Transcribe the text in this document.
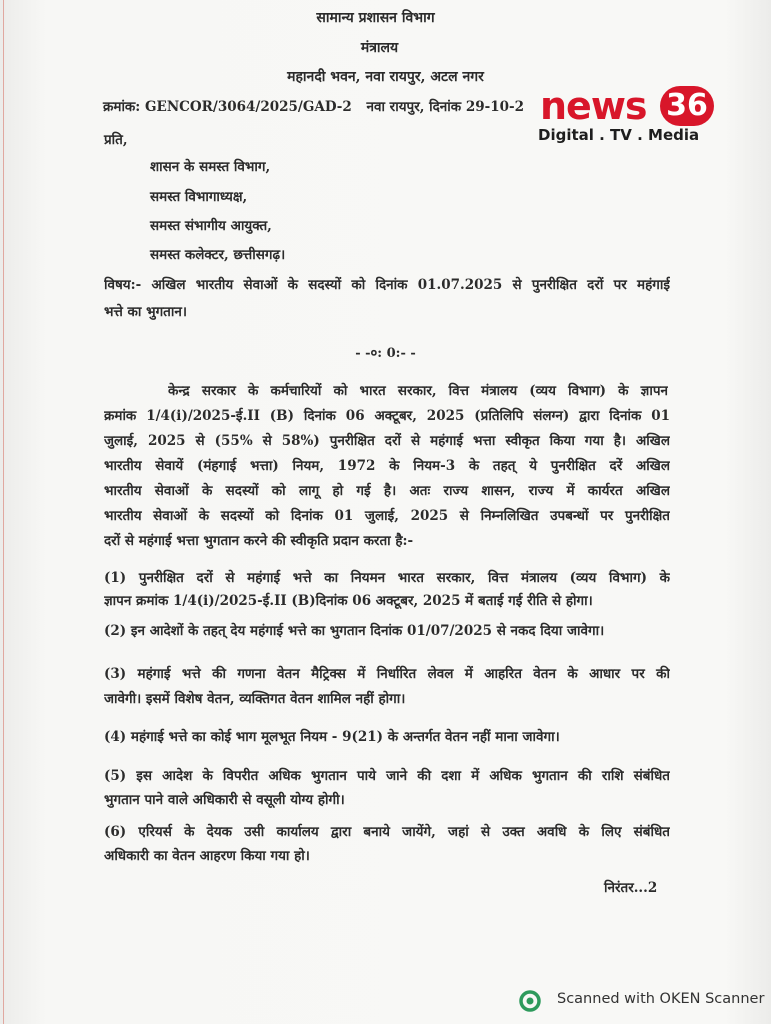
सामान्य प्रशासन विभाग
मंत्रालय
महानदी भवन, नवा रायपुर, अटल नगर
क्रमांक: GENCOR/3064/2025/GAD-2 नवा रायपुर, दिनांक 29-10-2 news 36
Digital . TV . Media
प्रति,
शासन के समस्त विभाग,
समस्त विभागाध्यक्ष,
समस्त संभागीय आयुक्त,
समस्त कलेक्टर, छत्तीसगढ़।
विषय:- अखिल भारतीय सेवाओं के सदस्यों को दिनांक 01.07.2025 से पुनरीक्षित दरों पर महंगाई
भत्ते का भुगतान।
- -०: 0:- -
केन्द्र सरकार के कर्मचारियों को भारत सरकार, वित्त मंत्रालय (व्यय विभाग) के ज्ञापन
क्रमांक 1/4(i)/2025-ई.II (B) दिनांक 06 अक्टूबर, 2025 (प्रतिलिपि संलग्न) द्वारा दिनांक 01
जुलाई, 2025 से (55% से 58%) पुनरीक्षित दरों से महंगाई भत्ता स्वीकृत किया गया है। अखिल
भारतीय सेवायें (मंहगाई भत्ता) नियम, 1972 के नियम-3 के तहत् ये पुनरीक्षित दरें अखिल
भारतीय सेवाओं के सदस्यों को लागू हो गई है। अतः राज्य शासन, राज्य में कार्यरत अखिल
भारतीय सेवाओं के सदस्यों को दिनांक 01 जुलाई, 2025 से निम्नलिखित उपबन्धों पर पुनरीक्षित
दरों से महंगाई भत्ता भुगतान करने की स्वीकृति प्रदान करता है:-
(1) पुनरीक्षित दरों से महंगाई भत्ते का नियमन भारत सरकार, वित्त मंत्रालय (व्यय विभाग) के
ज्ञापन क्रमांक 1/4(i)/2025-ई.II (B)दिनांक 06 अक्टूबर, 2025 में बताई गई रीति से होगा।
(2) इन आदेशों के तहत् देय महंगाई भत्ते का भुगतान दिनांक 01/07/2025 से नकद दिया जावेगा।
(3) महंगाई भत्ते की गणना वेतन मैट्रिक्स में निर्धारित लेवल में आहरित वेतन के आधार पर की
जावेगी। इसमें विशेष वेतन, व्यक्तिगत वेतन शामिल नहीं होगा।
(4) महंगाई भत्ते का कोई भाग मूलभूत नियम - 9(21) के अन्तर्गत वेतन नहीं माना जावेगा।
(5) इस आदेश के विपरीत अधिक भुगतान पाये जाने की दशा में अधिक भुगतान की राशि संबंधित
भुगतान पाने वाले अधिकारी से वसूली योग्य होगी।
(6) एरियर्स के देयक उसी कार्यालय द्वारा बनाये जायेंगे, जहां से उक्त अवधि के लिए संबंधित
अधिकारी का वेतन आहरण किया गया हो।
निरंतर...2
Scanned with OKEN Scanner
